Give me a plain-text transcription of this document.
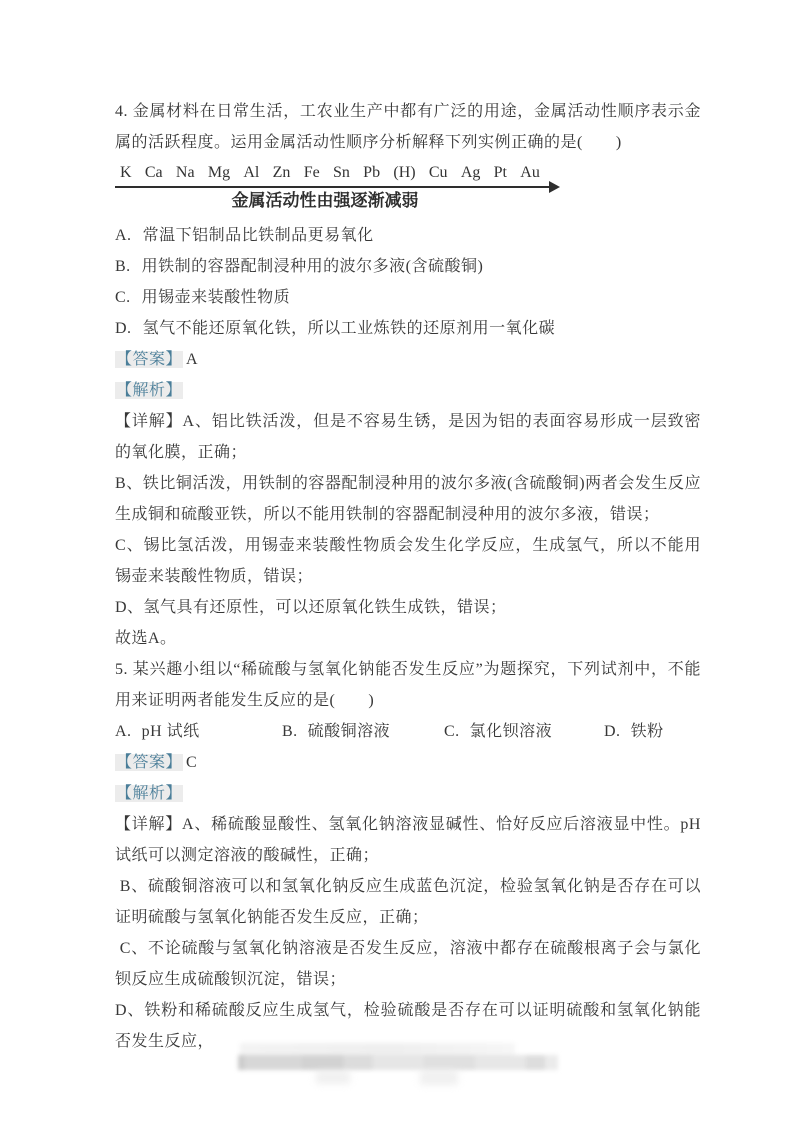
4. 金属材料在日常生活，工农业生产中都有广泛的用途，金属活动性顺序表示金属的活跃程度。运用金属活动性顺序分析解释下列实例正确的是(　　)
K Ca Na Mg Al Zn Fe Sn Pb (H) Cu Ag Pt Au
金属活动性由强逐渐减弱
A. 常温下铝制品比铁制品更易氧化
B. 用铁制的容器配制浸种用的波尔多液(含硫酸铜)
C. 用锡壶来装酸性物质
D. 氢气不能还原氧化铁，所以工业炼铁的还原剂用一氧化碳
【答案】 A
【解析】
【详解】A、铝比铁活泼，但是不容易生锈，是因为铝的表面容易形成一层致密的氧化膜，正确；
B、铁比铜活泼，用铁制的容器配制浸种用的波尔多液(含硫酸铜)两者会发生反应生成铜和硫酸亚铁，所以不能用铁制的容器配制浸种用的波尔多液，错误；
C、锡比氢活泼，用锡壶来装酸性物质会发生化学反应，生成氢气，所以不能用锡壶来装酸性物质，错误；
D、氢气具有还原性，可以还原氧化铁生成铁，错误；
故选A。
5. 某兴趣小组以“稀硫酸与氢氧化钠能否发生反应”为题探究，下列试剂中，不能用来证明两者能发生反应的是(　　)
A. pH 试纸	B. 硫酸铜溶液	C. 氯化钡溶液	D. 铁粉
【答案】 C
【解析】
【详解】A、稀硫酸显酸性、氢氧化钠溶液显碱性、恰好反应后溶液显中性。pH 试纸可以测定溶液的酸碱性，正确；
B、硫酸铜溶液可以和氢氧化钠反应生成蓝色沉淀，检验氢氧化钠是否存在可以证明硫酸与氢氧化钠能否发生反应，正确；
C、不论硫酸与氢氧化钠溶液是否发生反应，溶液中都存在硫酸根离子会与氯化钡反应生成硫酸钡沉淀，错误；
D、铁粉和稀硫酸反应生成氢气，检验硫酸是否存在可以证明硫酸和氢氧化钠能否发生反应，
